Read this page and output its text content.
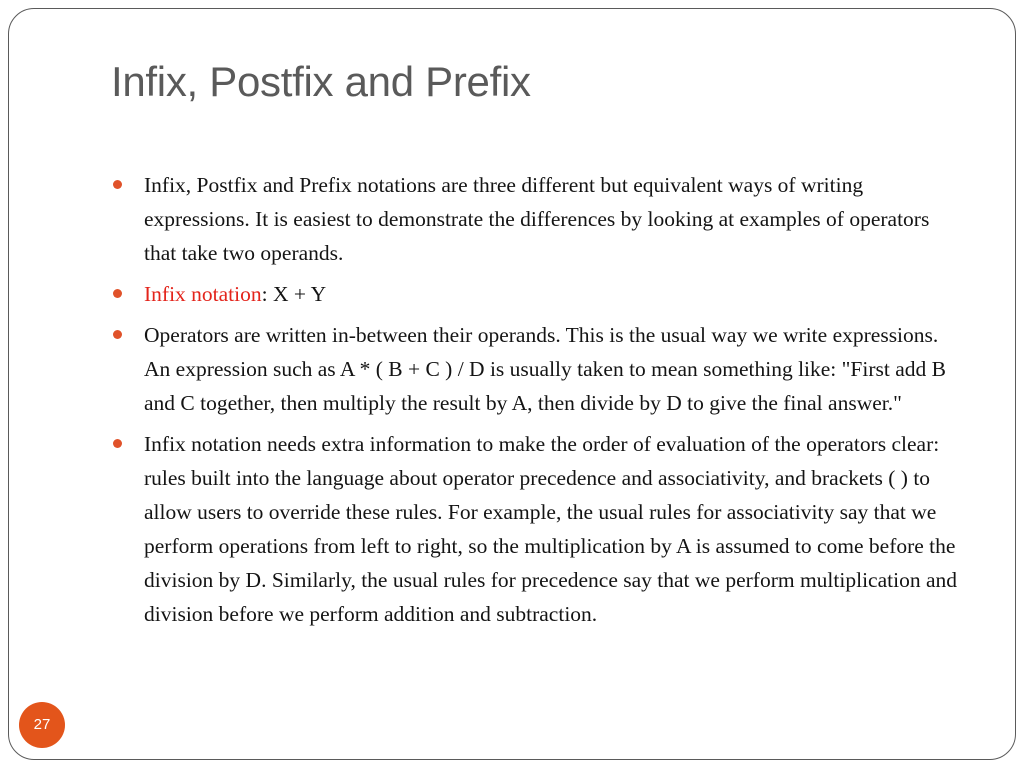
Infix, Postfix and Prefix
Infix, Postfix and Prefix notations are three different but equivalent ways of writing expressions. It is easiest to demonstrate the differences by looking at examples of operators that take two operands.
Infix notation: X + Y
Operators are written in-between their operands. This is the usual way we write expressions. An expression such as A * ( B + C ) / D is usually taken to mean something like: "First add B and C together, then multiply the result by A, then divide by D to give the final answer."
Infix notation needs extra information to make the order of evaluation of the operators clear: rules built into the language about operator precedence and associativity, and brackets ( ) to allow users to override these rules. For example, the usual rules for associativity say that we perform operations from left to right, so the multiplication by A is assumed to come before the division by D. Similarly, the usual rules for precedence say that we perform multiplication and division before we perform addition and subtraction.
27
